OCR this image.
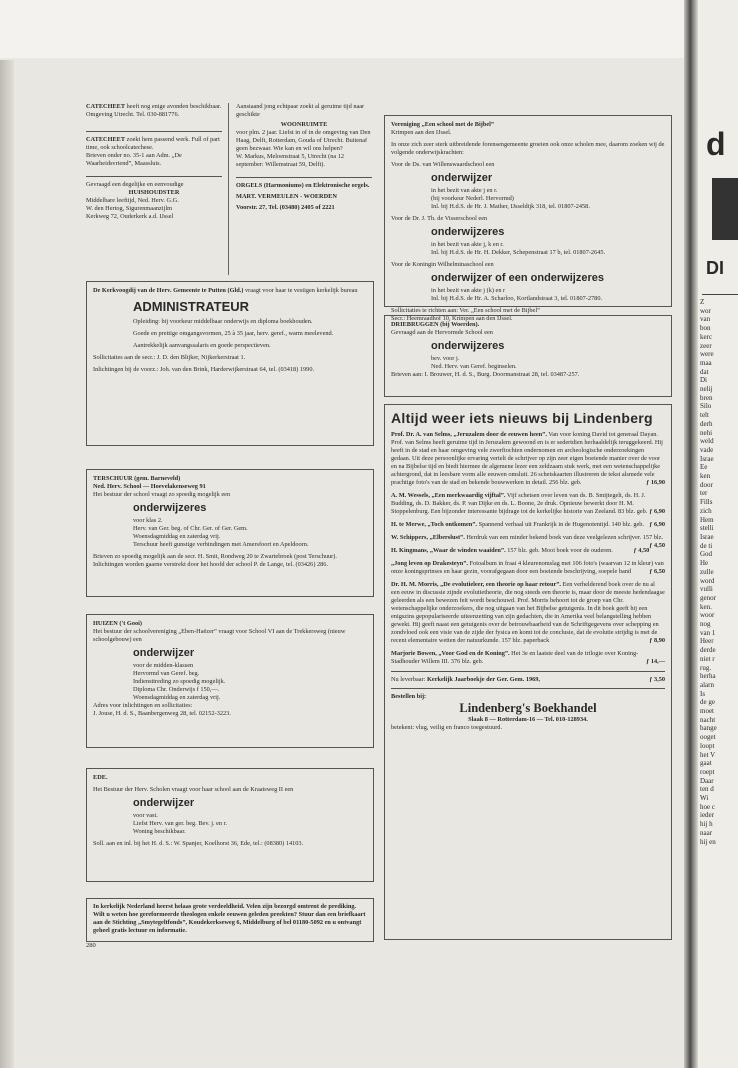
CATECHEET heeft nog enige avonden beschikbaar. Omgeving Utrecht. Tel. 030-881776.

CATECHEET zoekt hem passend werk. Full of part time, ook schoolcatechese.

Brieven onder no. 35-1 aan Adm. „De Waarheidsvriend”, Maassluis.

Gevraagd een degelijke en eenvoudige

HUISHOUDSTER

Middelbare leeftijd, Ned. Herv. G.G.

W. den Hertog, Sigurenmaanzijlm

Kerkweg 72, Ouderkerk a.d. IJssel

Aanstaand jong echtpaar zoekt al geruime tijd naar geschikte

WOONRUIMTE

voor plm. 2 jaar. Liefst in of in de omgeving van Den Haag, Delft, Rotterdam, Gouda of Utrecht. Buitenaf geen bezwaar. Wie kan en wil ons helpen?

W. Markus, Meloenstraat 5, Utrecht (na 12 september: Willemstraat 59, Delft).

ORGELS (Harmoniums) en Elektronische orgels.

MART. VERMEULEN - WOERDEN

Voorstr. 27, Tel. (03480) 2405 of 2221

De Kerkvoogdij van de Herv. Gemeente te Putten (Gld.) vraagt voor haar te vestigen kerkelijk bureau

ADMINISTRATEUR

Opleiding: bij voorkeur middelbaar onderwijs en diploma boekhouden.

Goede en prettige omgangsvormen, 25 à 35 jaar, herv. geref., warm meelevend.

Aantrekkelijk aanvangssalaris en goede perspectieven.

Sollicitaties aan de secr.: J. D. den Blijker, Nijkerkerstraat 1.

Inlichtingen bij de voorz.: Joh. van den Brink, Harderwijkerstraat 64, tel. (03418) 1990.

TERSCHUUR (gem. Barneveld)

Ned. Herv. School — Hoevelakenseweg 91

Het bestuur der school vraagt zo spoedig mogelijk een

onderwijzeres

voor klas 2.

Herv. van Ger. beg. of Chr. Ger. of Ger. Gem.

Woensdagmiddag en zaterdag vrij.

Terschuur heeft gunstige verbindingen met Amersfoort en Apeldoorn.

Brieven zo spoedig mogelijk aan de secr. H. Smit, Rondweg 20 te Zwartebroek (post Terschuur). Inlichtingen worden gaarne verstrekt door het hoofd der school P. de Lange, tel. (03426) 286.

HUIZEN ('t Gooi)

Het bestuur der schoolvereniging „Eben-Haëzer” vraagt voor School VI aan de Trekkersweg (nieuw schoolgebouw) een

onderwijzer

voor de midden-klassen

Hervormd van Geref. beg.

Indiensttreding zo spoedig mogelijk.

Diploma Chr. Onderwijs f 150,—.

Woensdagmiddag en zaterdag vrij.

Adres voor inlichtingen en sollicitaties:

J. Jouse, H. d. S., Baanbergenweg 28, tel. 02152-3223.

EDE.

Het Bestuur der Herv. Scholen vraagt voor haar school aan de Kraatsweg II een

onderwijzer

voor vast.

Liefst Herv. van ger. beg. Bev. j. en r.

Woning beschikbaar.

Soll. aan en inl. bij het H. d. S.: W. Spanjer, Koelhorst 36, Ede, tel.: (08380) 14103.

In kerkelijk Nederland heerst helaas grote verdeeldheid. Velen zijn bezorgd omtrent de prediking. Wilt u weten hoe gereformeerde theologen enkele eeuwen geleden preekten? Stuur dan een briefkaart aan de Stichting „Smytegeltfonds”, Koudekerkseweg 6, Middelburg of bel 01180-5092 en u ontvangt geheel gratis lectuur en informatie.

280

Vereniging „Een school met de Bijbel”

Krimpen aan den IJssel.

In onze zich zeer sterk uitbreidende forensengemeente groeien ook onze scholen mee, daarom zoeken wij de volgende onderwijskrachten:

Voor de Ds. van Willenswaardschool een

onderwijzer

in het bezit van akte j en r.

(bij voorkeur Nederl. Hervormd)

Inl. bij H.d.S. de Hr. J. Mather, IJsseldijk 318, tel. 01807-2458.

Voor de Dr. J. Th. de Visserschool een

onderwijzeres

in het bezit van akte j, k en r.

Inl. bij H.d.S. de Hr. H. Dekker, Schepenstraat 17 b, tel. 01807-2645.

Voor de Koningin Wilhelminaschool een

onderwijzer of een onderwijzeres

in het bezit van akte j (k) en r

Inl. bij H.d.S. de Hr. A. Scharloo, Kortlandstraat 3, tel. 01807-2780.

Sollicitaties te richten aan: Ver. „Een school met de Bijbel”

Secr.: Heemraadhof 10, Krimpen aan den IJssel.

DRIEBRUGGEN (bij Woerden).

Gevraagd aan de Hervormde School een

onderwijzeres

bev. voor j.

Ned. Herv. van Geref. beginselen.

Brieven aan: I. Brouwer, H. d. S., Burg. Doormanstraat 28, tel. 03487-257.

Altijd weer iets nieuws bij Lindenberg

Prof. Dr. A. van Selms, „Jeruzalem door de eeuwen heen”. Van voor koning David tot generaal Dayan. Prof. van Selms heeft geruime tijd in Jeruzalem gewoond en is er sedertdien herhaaldelijk teruggekeerd. Hij heeft in de stad en haar omgeving vele zwerftochten ondernomen en archeologische onderzoekingen gedaan. Uit deze persoonlijke ervaring vertelt de schrijver op zijn zeer eigen boeiende manier over de voor en na Bijbelse tijd en biedt hiermee de algemene lezer een zeldzaam stuk werk, met een wetenschappelijke achtergrond, dat in leesbare vorm alle eeuwen omsluit. 26 schetskaarten illustreren de tekst alsmede vele prachtige foto's van de stad en bekende bouwwerken in detail. 256 blz. geb.	ƒ 16,90

A. M. Wessels, „Een merkwaardig vijftal”. Vijf schetsen over leven van ds. B. Smijtegelt, ds. H. J. Budding, ds. D. Bakker, ds. P. van Dijke en ds. L. Boone, 2e druk. Opnieuw bewerkt door H. M. Stoppelenburg. Een bijzonder interessante bijdrage tot de kerkelijke historie van Zeeland. 83 blz. geb. ƒ 6,90

H. te Merwe, „Toch ontkomen”. Spannend verhaal uit Frankrijk in de Hugenotentijd. 140 blz. geb. ƒ 6,90

W. Schippers, „Elberslust”. Herdruk van een minder bekend boek van deze veelgelezen schrijver. 157 blz.
ƒ 4,50

H. Kingmans, „Waar de winden waaiden”. 157 blz. geb. Mooi boek voor de ouderen.	ƒ 4,50

„Jong leven op Drakesteyn”. Fotoalbum in fraai 4 kleurenomslag met 106 foto's (waarvan 12 in kleur) van onze koningsprinses en haar gezin, voorafgegaan door een boeiende beschrijving, soepele band	ƒ 6,50

Dr. H. M. Morris, „De evolutieleer, een theorie op haar retour”. Een verhelderend boek over de nu al een eeuw in discussie zijnde evolutietheorie, die nog steeds een theorie is, maar door de meeste hedendaagse geleerden als een bewezen feit wordt beschouwd. Prof. Morris behoort tot de groep van Chr. wetenschappelijke onderzoekers, die nog uitgaan van het Bijbelse getuigenis. In dit boek geeft hij een enigszins gepopulariseerde uiteenzetting van zijn gedachten, die in Amerika veel belangstelling hebben gewekt. Hij geeft naast een getuigenis over de betrouwbaarheid van de Schriftgegevens over schepping en zondvloed ook een visie van de zijde der fysica en komt tot de conclusie, dat de evolutie strijdig is met de recent elementaire wetten der natuurkunde. 157 blz. paperback	ƒ 8,90

Marjorie Bowen, „Voor God en de Koning”. Het 3e en laatste deel van de trilogie over Koning-Stadhouder Willem III. 376 blz. geb.	ƒ 14,—

Nu leverbaar: Kerkelijk Jaarboekje der Ger. Gem. 1969,	ƒ 3,50

Bestellen bij:

Lindenberg's Boekhandel

Slaak 8 — Rotterdam-16 — Tel. 010-128934.

betekent: vlug, veilig en franco toegestuurd.

d
DI
Z
wor
van
bon
kerc
zeer
were
maa
dat
Di
nelij
bren
Silo
telt
derh
nehi
weld
vade
Israe
Ee
ken
door
ter
Fills
zich
Hem
stelli
Israe
de ti
God
He
zulle
word
vulli
genor
ken.
woor
nog
van 1
Heer
derde
niet r
rug.
herha
alarn
Is
de ge
moet
nacht
bange
ooget
loopt
het V
gaat
roept
Daar
ten d
Wi
hoe c
ieder
hij h
naar
hij en
